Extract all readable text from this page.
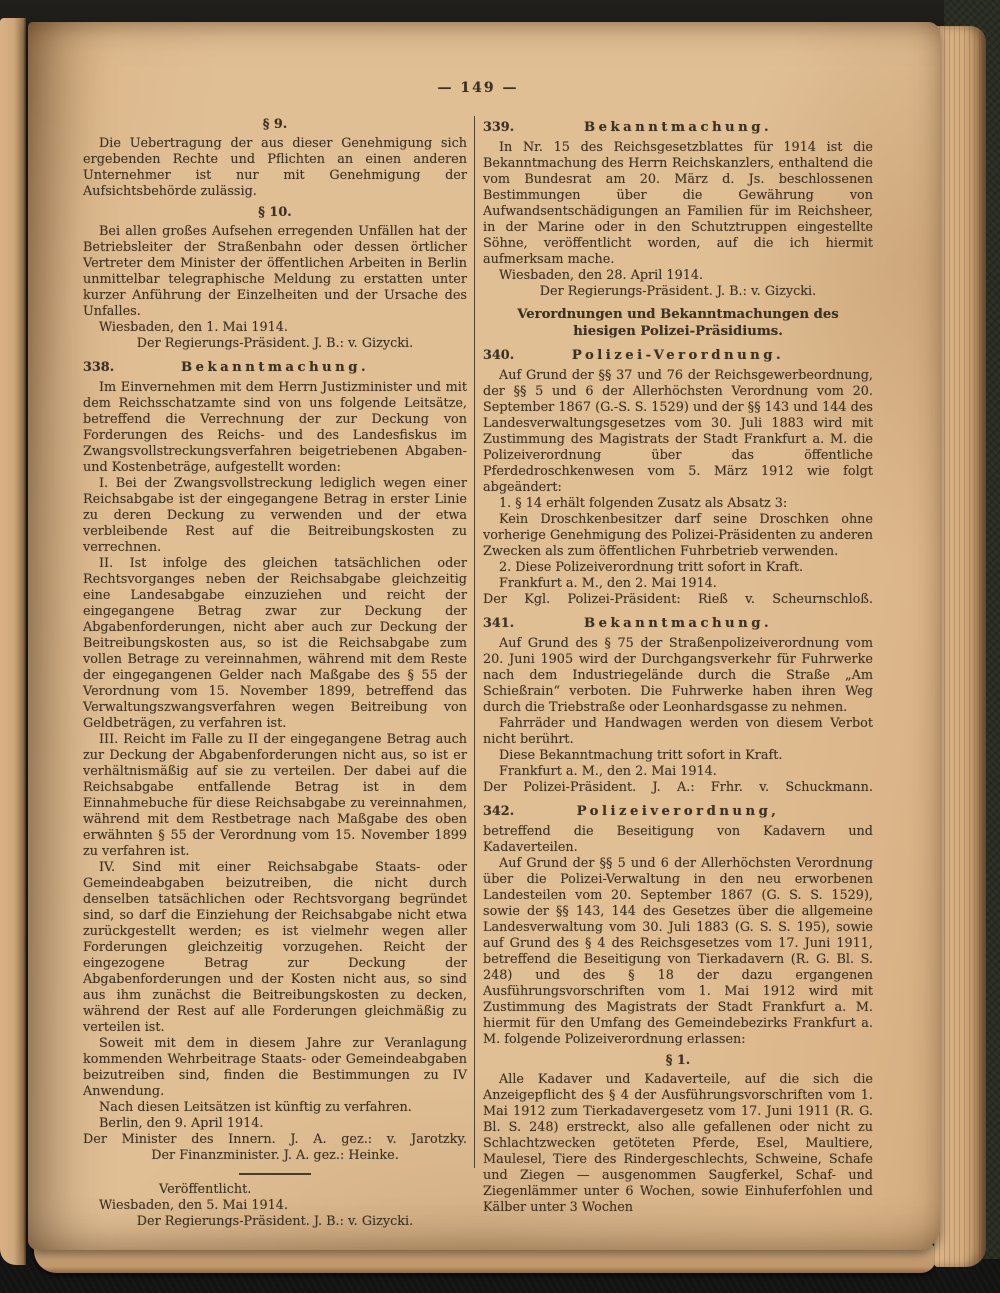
— 149 —
§ 9.
Die Uebertragung der aus dieser Genehmigung sich ergebenden Rechte und Pflichten an einen anderen Unternehmer ist nur mit Genehmigung der Aufsichtsbehörde zulässig.
§ 10.
Bei allen großes Aufsehen erregenden Unfällen hat der Betriebsleiter der Straßenbahn oder dessen örtlicher Vertreter dem Minister der öffentlichen Arbeiten in Berlin unmittelbar telegraphische Meldung zu erstatten unter kurzer Anführung der Einzelheiten und der Ursache des Unfalles.
Wiesbaden, den 1. Mai 1914.
Der Regierungs-Präsident. J. B.: v. Gizycki.
338.	Bekanntmachung.
Im Einvernehmen mit dem Herrn Justizminister und mit dem Reichsschatzamte sind von uns folgende Leitsätze, betreffend die Verrechnung der zur Deckung von Forderungen des Reichs- und des Landesfiskus im Zwangsvollstreckungsverfahren beigetriebenen Abgaben- und Kostenbeträge, aufgestellt worden:
I. Bei der Zwangsvollstreckung lediglich wegen einer Reichsabgabe ist der eingegangene Betrag in erster Linie zu deren Deckung zu verwenden und der etwa verbleibende Rest auf die Beitreibungskosten zu verrechnen.
II. Ist infolge des gleichen tatsächlichen oder Rechtsvorganges neben der Reichsabgabe gleichzeitig eine Landesabgabe einzuziehen und reicht der eingegangene Betrag zwar zur Deckung der Abgabenforderungen, nicht aber auch zur Deckung der Beitreibungskosten aus, so ist die Reichsabgabe zum vollen Betrage zu vereinnahmen, während mit dem Reste der eingegangenen Gelder nach Maßgabe des § 55 der Verordnung vom 15. November 1899, betreffend das Verwaltungszwangsverfahren wegen Beitreibung von Geldbeträgen, zu verfahren ist.
III. Reicht im Falle zu II der eingegangene Betrag auch zur Deckung der Abgabenforderungen nicht aus, so ist er verhältnismäßig auf sie zu verteilen. Der dabei auf die Reichsabgabe entfallende Betrag ist in dem Einnahmebuche für diese Reichsabgabe zu vereinnahmen, während mit dem Restbetrage nach Maßgabe des oben erwähnten § 55 der Verordnung vom 15. November 1899 zu verfahren ist.
IV. Sind mit einer Reichsabgabe Staats- oder Gemeindeabgaben beizutreiben, die nicht durch denselben tatsächlichen oder Rechtsvorgang begründet sind, so darf die Einziehung der Reichsabgabe nicht etwa zurückgestellt werden; es ist vielmehr wegen aller Forderungen gleichzeitig vorzugehen. Reicht der eingezogene Betrag zur Deckung der Abgabenforderungen und der Kosten nicht aus, so sind aus ihm zunächst die Beitreibungskosten zu decken, während der Rest auf alle Forderungen gleichmäßig zu verteilen ist.
Soweit mit dem in diesem Jahre zur Veranlagung kommenden Wehrbeitrage Staats- oder Gemeindeabgaben beizutreiben sind, finden die Bestimmungen zu IV Anwendung.
Nach diesen Leitsätzen ist künftig zu verfahren.
Berlin, den 9. April 1914.
Der Minister des Innern. J. A. gez.: v. Jarotzky.
Der Finanzminister. J. A. gez.: Heinke.
Veröffentlicht.
Wiesbaden, den 5. Mai 1914.
Der Regierungs-Präsident. J. B.: v. Gizycki.
339.	Bekanntmachung.
In Nr. 15 des Reichsgesetzblattes für 1914 ist die Bekanntmachung des Herrn Reichskanzlers, enthaltend die vom Bundesrat am 20. März d. Js. beschlossenen Bestimmungen über die Gewährung von Aufwandsentschädigungen an Familien für im Reichsheer, in der Marine oder in den Schutztruppen eingestellte Söhne, veröffentlicht worden, auf die ich hiermit aufmerksam mache.
Wiesbaden, den 28. April 1914.
Der Regierungs-Präsident. J. B.: v. Gizycki.
Verordnungen und Bekanntmachungen des hiesigen Polizei-Präsidiums.
340.	Polizei-Verordnung.
Auf Grund der §§ 37 und 76 der Reichsgewerbeordnung, der §§ 5 und 6 der Allerhöchsten Verordnung vom 20. September 1867 (G.-S. S. 1529) und der §§ 143 und 144 des Landesverwaltungsgesetzes vom 30. Juli 1883 wird mit Zustimmung des Magistrats der Stadt Frankfurt a. M. die Polizeiverordnung über das öffentliche Pferdedroschkenwesen vom 5. März 1912 wie folgt abgeändert:
1. § 14 erhält folgenden Zusatz als Absatz 3:
Kein Droschkenbesitzer darf seine Droschken ohne vorherige Genehmigung des Polizei-Präsidenten zu anderen Zwecken als zum öffentlichen Fuhrbetrieb verwenden.
2. Diese Polizeiverordnung tritt sofort in Kraft.
Frankfurt a. M., den 2. Mai 1914.
Der Kgl. Polizei-Präsident: Rieß v. Scheurnschloß.
341.	Bekanntmachung.
Auf Grund des § 75 der Straßenpolizeiverordnung vom 20. Juni 1905 wird der Durchgangsverkehr für Fuhrwerke nach dem Industriegelände durch die Straße „Am Schießrain“ verboten. Die Fuhrwerke haben ihren Weg durch die Triebstraße oder Leonhardsgasse zu nehmen.
Fahrräder und Handwagen werden von diesem Verbot nicht berührt.
Diese Bekanntmachung tritt sofort in Kraft.
Frankfurt a. M., den 2. Mai 1914.
Der Polizei-Präsident. J. A.: Frhr. v. Schuckmann.
342.	Polizeiverordnung,
betreffend die Beseitigung von Kadavern und Kadaverteilen.
Auf Grund der §§ 5 und 6 der Allerhöchsten Verordnung über die Polizei-Verwaltung in den neu erworbenen Landesteilen vom 20. September 1867 (G. S. S. 1529), sowie der §§ 143, 144 des Gesetzes über die allgemeine Landesverwaltung vom 30. Juli 1883 (G. S. S. 195), sowie auf Grund des § 4 des Reichsgesetzes vom 17. Juni 1911, betreffend die Beseitigung von Tierkadavern (R. G. Bl. S. 248) und des § 18 der dazu ergangenen Ausführungsvorschriften vom 1. Mai 1912 wird mit Zustimmung des Magistrats der Stadt Frankfurt a. M. hiermit für den Umfang des Gemeindebezirks Frankfurt a. M. folgende Polizeiverordnung erlassen:
§ 1.
Alle Kadaver und Kadaverteile, auf die sich die Anzeigepflicht des § 4 der Ausführungsvorschriften vom 1. Mai 1912 zum Tierkadavergesetz vom 17. Juni 1911 (R. G. Bl. S. 248) erstreckt, also alle gefallenen oder nicht zu Schlachtzwecken getöteten Pferde, Esel, Maultiere, Maulesel, Tiere des Rindergeschlechts, Schweine, Schafe und Ziegen — ausgenommen Saugferkel, Schaf- und Ziegenlämmer unter 6 Wochen, sowie Einhuferfohlen und Kälber unter 3 Wochen
